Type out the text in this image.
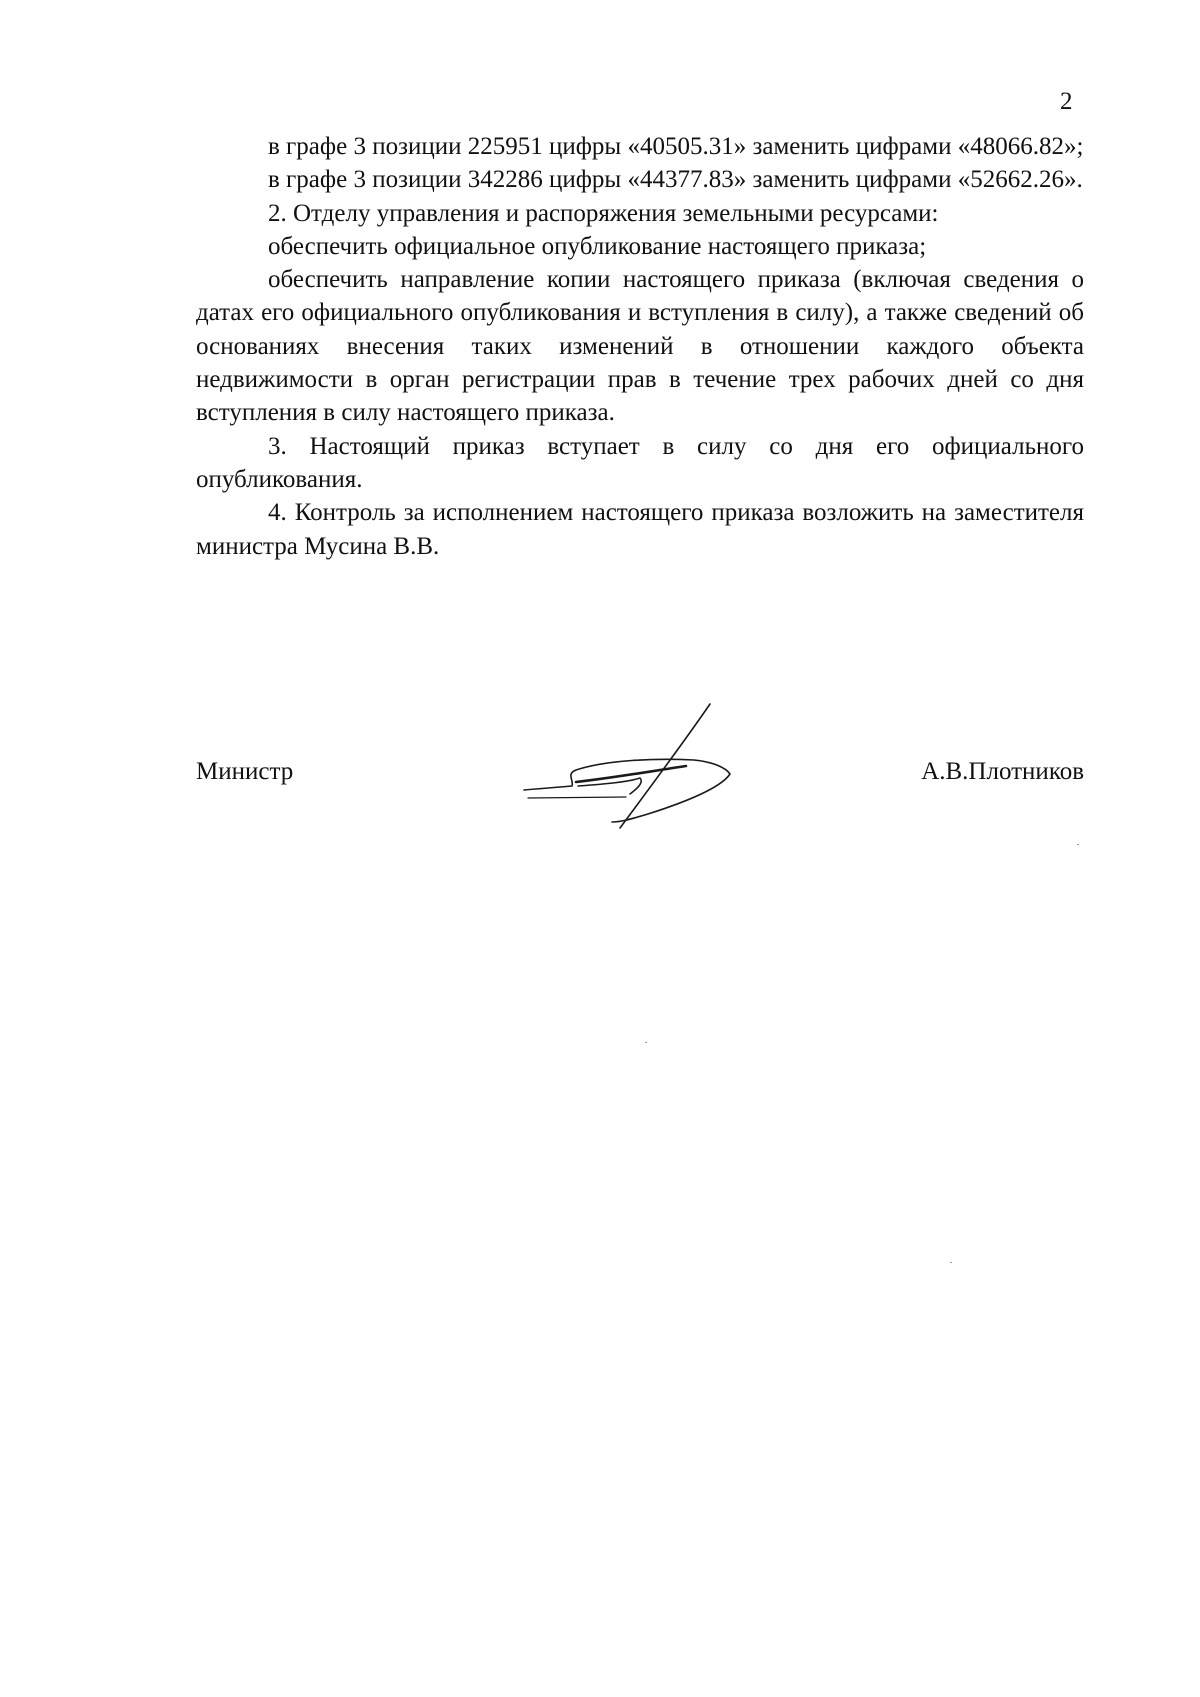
2

в графе 3 позиции 225951 цифры «40505.31» заменить цифрами «48066.82»;

в графе 3 позиции 342286 цифры «44377.83» заменить цифрами «52662.26».

2. Отделу управления и распоряжения земельными ресурсами:

обеспечить официальное опубликование настоящего приказа;

обеспечить направление копии настоящего приказа (включая сведения о датах его официального опубликования и вступления в силу), а также сведений об основаниях внесения таких изменений в отношении каждого объекта недвижимости в орган регистрации прав в течение трех рабочих дней со дня вступления в силу настоящего приказа.

3. Настоящий приказ вступает в силу со дня его официального опубликования.

4. Контроль за исполнением настоящего приказа возложить на заместителя министра Мусина В.В.

Министр	А.В.Плотников
